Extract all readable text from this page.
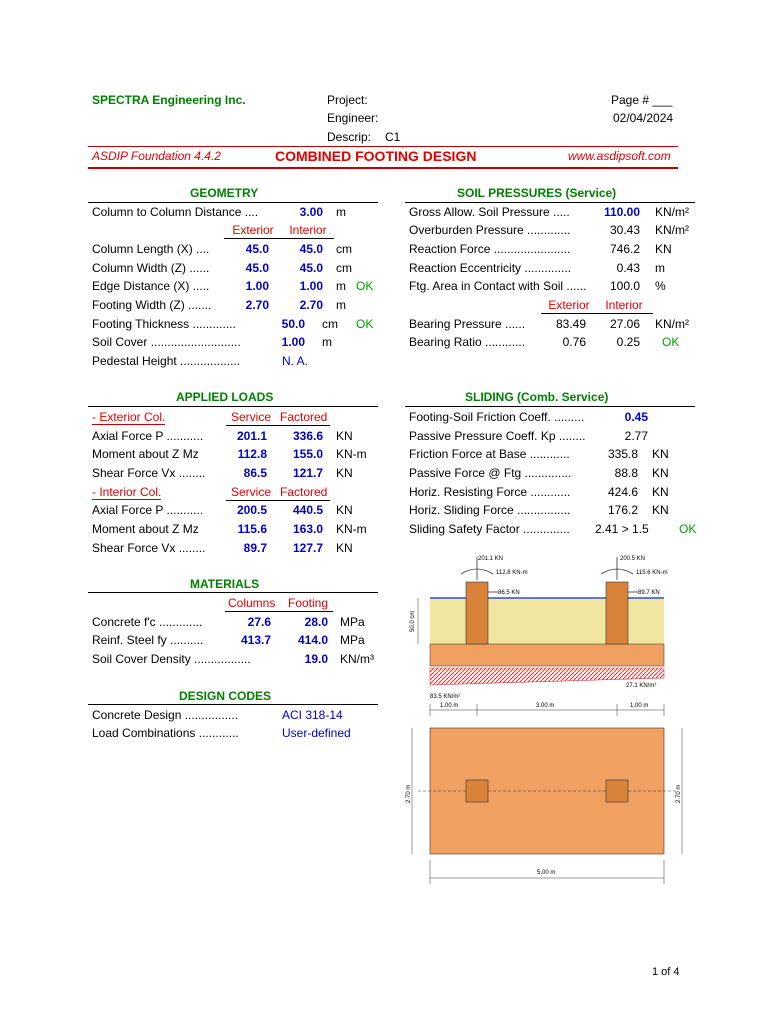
SPECTRA Engineering Inc.	Project:
Engineer:
Descrip: C1
Page # ___
02/04/2024
ASDIP Foundation 4.4.2	COMBINED FOOTING DESIGN	www.asdipsoft.com
GEOMETRY
Column to Column Distance ....	3.00 m
Exterior	Interior
Column Length (X) ....	45.0	45.0 cm
Column Width (Z) ......	45.0	45.0 cm
Edge Distance (X) .....	1.00	1.00 m OK
Footing Width (Z) .......	2.70	2.70 m
Footing Thickness .............	50.0 cm OK
Soil Cover ...........................	1.00 m
Pedestal Height ..................	N. A.
SOIL PRESSURES (Service)
Gross Allow. Soil Pressure .....	110.00 KN/m²
Overburden Pressure .............	30.43 KN/m²
Reaction Force .......................	746.2 KN
Reaction Eccentricity ..............	0.43 m
Ftg. Area in Contact with Soil ......	100.0 %
Exterior	Interior
Bearing Pressure ......	83.49	27.06 KN/m²
Bearing Ratio ............	0.76	0.25 OK
APPLIED LOADS
- Exterior Col.	Service Factored
Axial Force P ...........	201.1	336.6 KN
Moment about Z Mz	112.8	155.0 KN-m
Shear Force Vx ........	86.5	121.7 KN
- Interior Col.	Service Factored
Axial Force P ...........	200.5	440.5 KN
Moment about Z Mz	115.6	163.0 KN-m
Shear Force Vx ........	89.7	127.7 KN
SLIDING (Comb. Service)
Footing-Soil Friction Coeff. .........	0.45
Passive Pressure Coeff. Kp ........	2.77
Friction Force at Base ............	335.8 KN
Passive Force @ Ftg ..............	88.8 KN
Horiz. Resisting Force ............	424.6 KN
Horiz. Sliding Force ................	176.2 KN
Sliding Safety Factor .............. 2.41 > 1.5	OK
MATERIALS
Columns Footing
Concrete f'c .............	27.6	28.0 MPa
Reinf. Steel fy ..........	413.7	414.0 MPa
Soil Cover Density .................	19.0 KN/m³
DESIGN CODES
Concrete Design ................	ACI 318-14
Load Combinations ............	User-defined
50.0 cm
201.1 KN	200.5 KN
112.8 KN-m	115.6 KN-m
86.5 KN	89.7 KN
27.1 KN/m²
83.5 KN/m²
1.00 m	3.00 m	1.00 m
2.70 m	2.70 m
5.00 m
1 of 4
